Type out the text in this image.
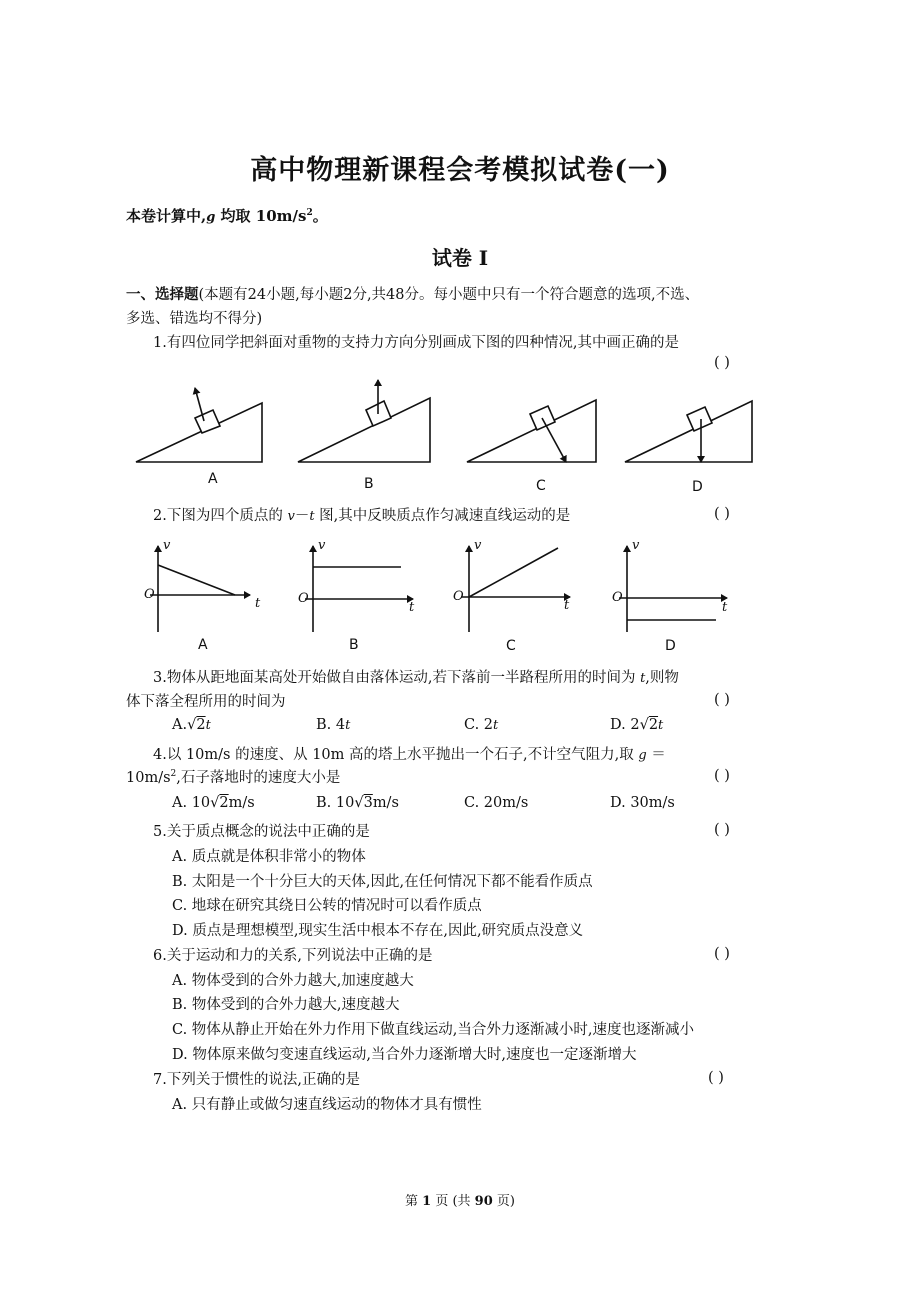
高中物理新课程会考模拟试卷(一)
本卷计算中,g 均取 $10m/s^2$。
试卷 Ⅰ
一、选择题(本题有24小题,每小题2分,共48分。每小题中只有一个符合题意的选项,不选、
多选、错选均不得分)
1.有四位同学把斜面对重物的支持力方向分别画成下图的四种情况,其中画正确的是
( )
A	B	C	D
2.下图为四个质点的 v－t 图,其中反映质点作匀减速直线运动的是	( )
v
O
t
A
v
O
t
B
v
O
t
C
v
O
t
D
3.物体从距地面某高处开始做自由落体运动,若下落前一半路程所用的时间为 t,则物
体下落全程所用的时间为	( )
A.√2t	B. 4t	C. 2t	D. 2√2t
4.以 10m/s 的速度、从 10m 高的塔上水平抛出一个石子,不计空气阻力,取 g ＝
$10m/s^2$,石子落地时的速度大小是	( )
A. 10√2m/s	B. 10√3m/s	C. 20m/s	D. 30m/s
5.关于质点概念的说法中正确的是	( )
A. 质点就是体积非常小的物体
B. 太阳是一个十分巨大的天体,因此,在任何情况下都不能看作质点
C. 地球在研究其绕日公转的情况时可以看作质点
D. 质点是理想模型,现实生活中根本不存在,因此,研究质点没意义
6.关于运动和力的关系,下列说法中正确的是	( )
A. 物体受到的合外力越大,加速度越大
B. 物体受到的合外力越大,速度越大
C. 物体从静止开始在外力作用下做直线运动,当合外力逐渐减小时,速度也逐渐减小
D. 物体原来做匀变速直线运动,当合外力逐渐增大时,速度也一定逐渐增大
7.下列关于惯性的说法,正确的是	( )
A. 只有静止或做匀速直线运动的物体才具有惯性
第 1 页 (共 90 页)
